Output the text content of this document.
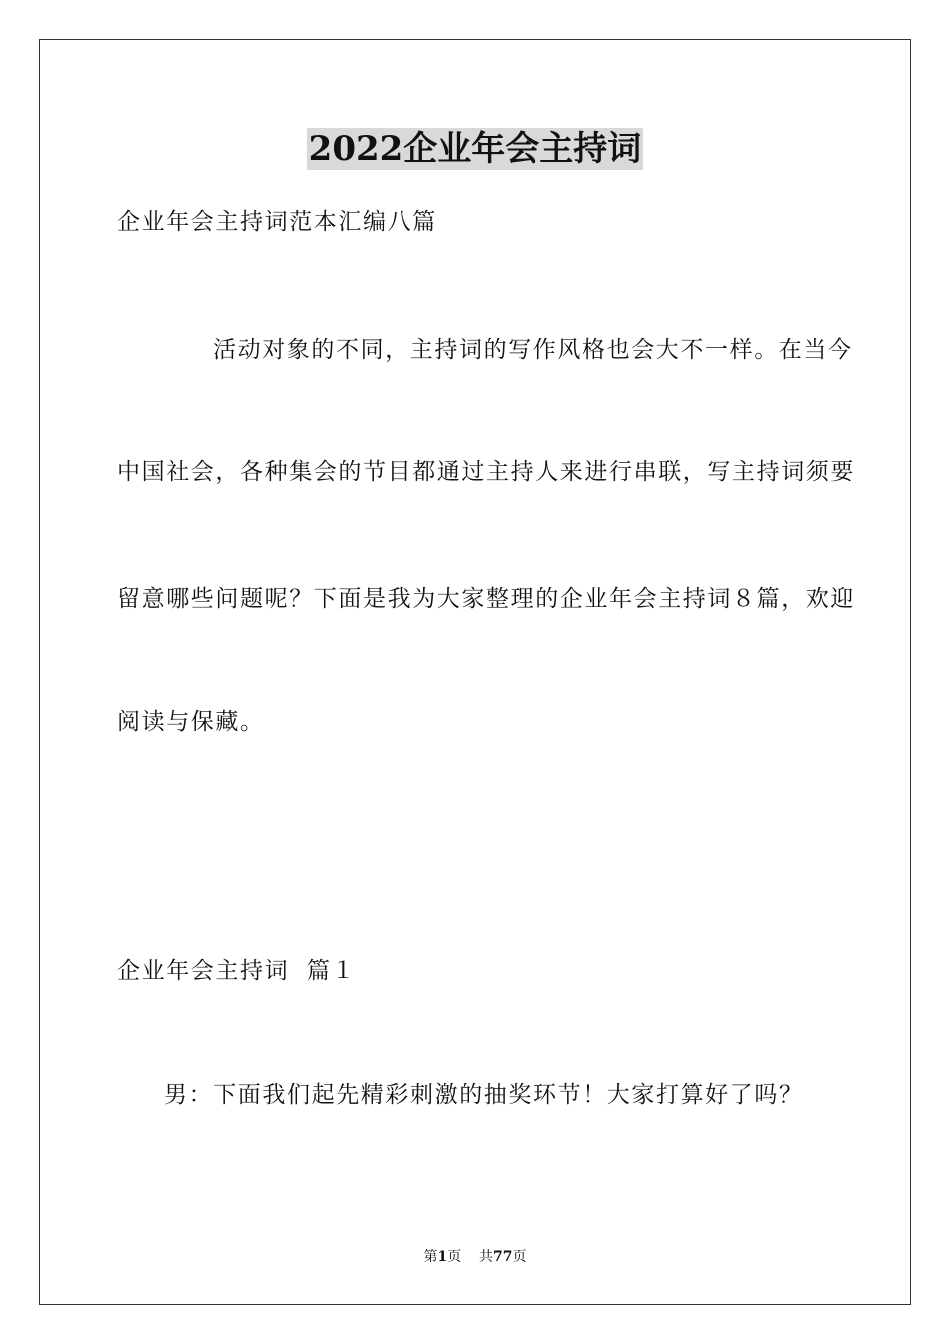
2022企业年会主持词
企业年会主持词范本汇编八篇
活动对象的不同，主持词的写作风格也会大不一样。在当今
中国社会，各种集会的节目都通过主持人来进行串联，写主持词须要
留意哪些问题呢？下面是我为大家整理的企业年会主持词８篇，欢迎
阅读与保藏。
企业年会主持词  篇１
男：下面我们起先精彩刺激的抽奖环节！大家打算好了吗？
第1页 共77页
